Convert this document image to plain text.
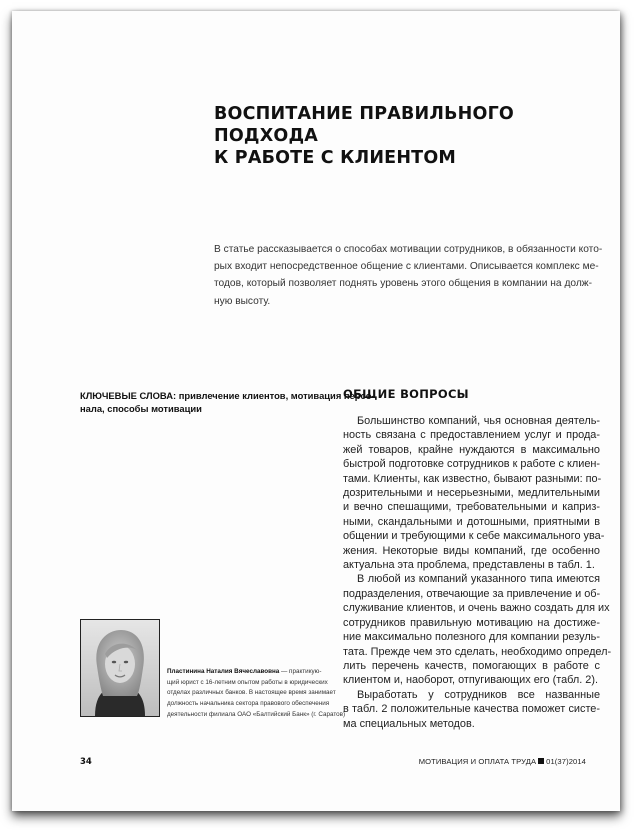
ВОСПИТАНИЕ ПРАВИЛЬНОГО ПОДХОДА
К РАБОТЕ С КЛИЕНТОМ
В статье рассказывается о способах мотивации сотрудников, в обязанности кото-
рых входит непосредственное общение с клиентами. Описывается комплекс ме-
тодов, который позволяет поднять уровень этого общения в компании на долж-
ную высоту.
КЛЮЧЕВЫЕ СЛОВА: привлечение клиентов, мотивация персо-
нала, способы мотивации
ОБЩИЕ ВОПРОСЫ
Большинство компаний, чья основная деятель-
ность связана с предоставлением услуг и прода-
жей товаров, крайне нуждаются в максимально
быстрой подготовке сотрудников к работе с клиен-
тами. Клиенты, как известно, бывают разными: по-
дозрительными и несерьезными, медлительными
и вечно спешащими, требовательными и каприз-
ными, скандальными и дотошными, приятными в
общении и требующими к себе максимального ува-
жения. Некоторые виды компаний, где особенно
актуальна эта проблема, представлены в табл. 1.
В любой из компаний указанного типа имеются
подразделения, отвечающие за привлечение и об-
служивание клиентов, и очень важно создать для их
сотрудников правильную мотивацию на достиже-
ние максимально полезного для компании резуль-
тата. Прежде чем это сделать, необходимо определ-
лить перечень качеств, помогающих в работе с
клиентом и, наоборот, отпугивающих его (табл. 2).
Выработать у сотрудников все названные
в табл. 2 положительные качества поможет систе-
ма специальных методов.
Пластинина Наталия Вячеславовна — практикую-
щий юрист с 16-летним опытом работы в юридических
отделах различных банков. В настоящее время занимает
должность начальника сектора правового обеспечения
деятельности филиала ОАО «Балтийский Банк» (г. Саратов)
34	МОТИВАЦИЯ И ОПЛАТА ТРУДА 01(37)2014
